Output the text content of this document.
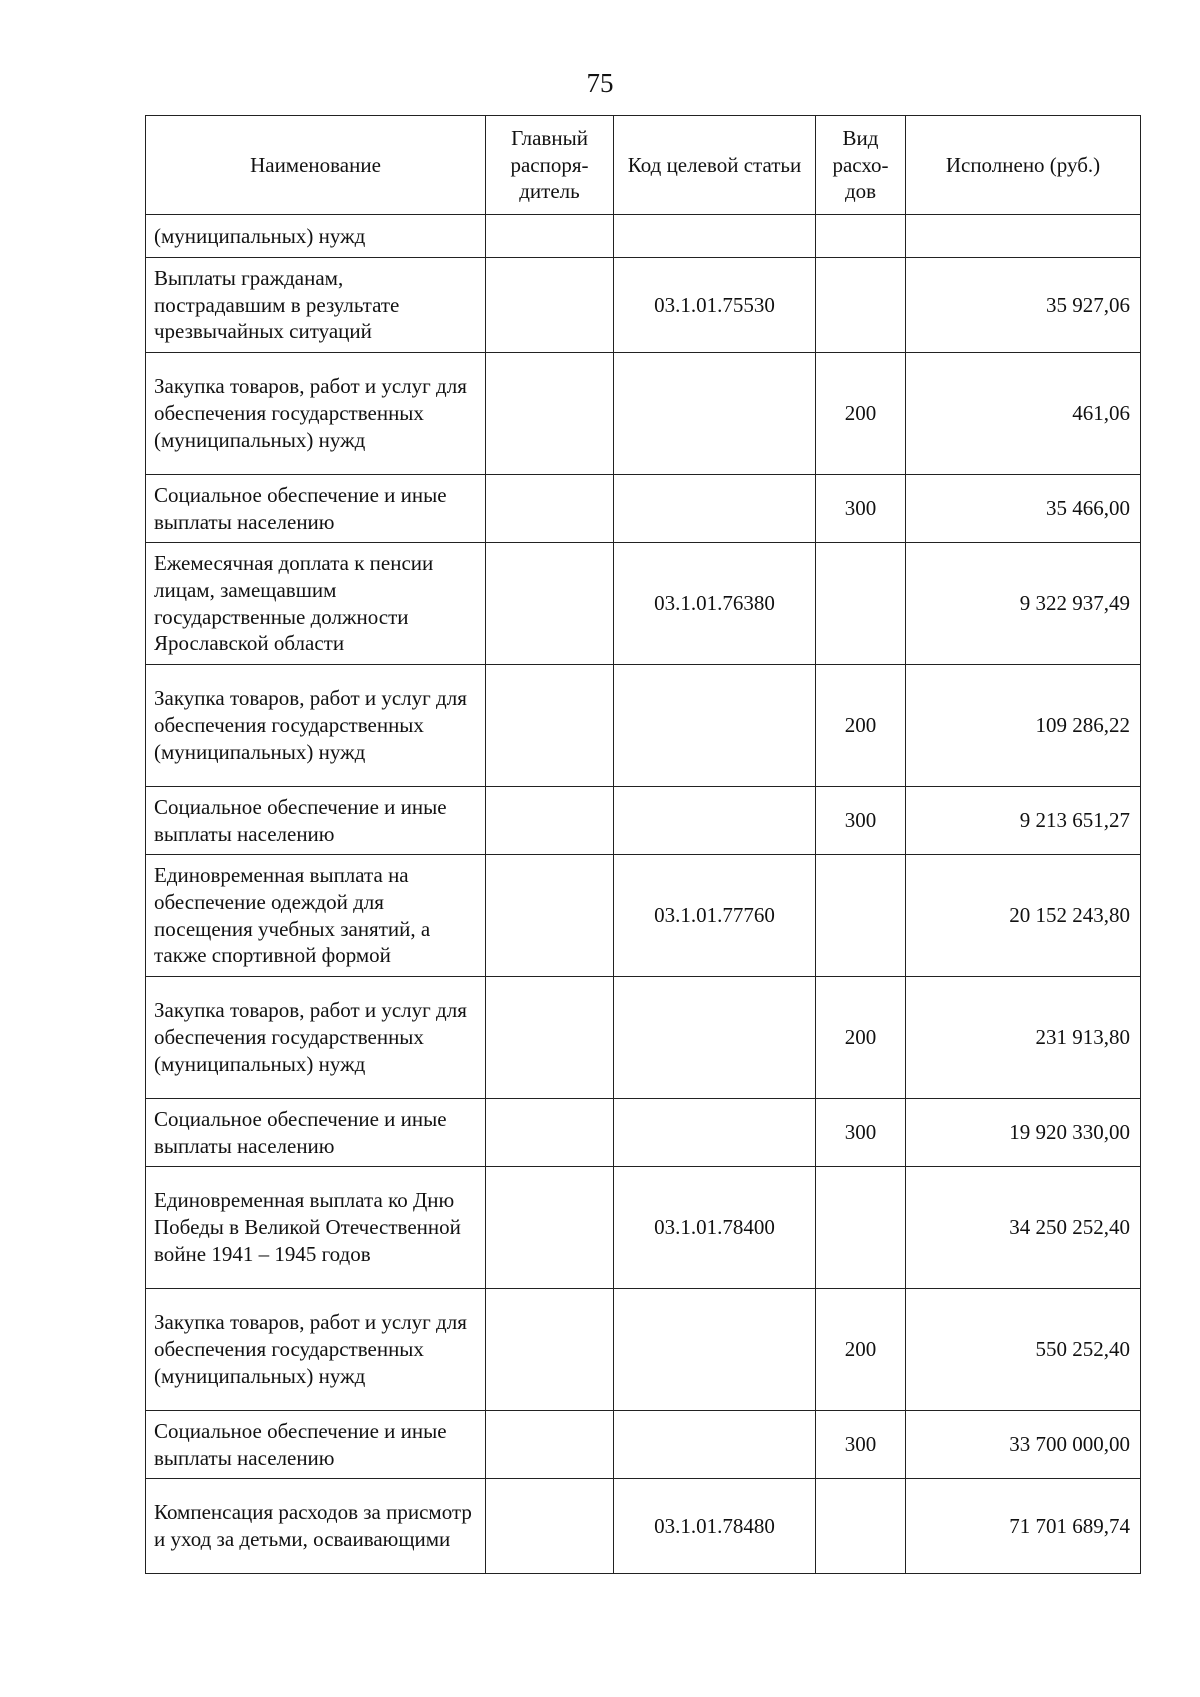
75
Наименование	Главный распоря-дитель	Код целевой статьи	Вид расхо-дов	Исполнено (руб.)
(муниципальных) нужд				
Выплаты гражданам, пострадавшим в результате чрезвычайных ситуаций		03.1.01.75530		35 927,06
Закупка товаров, работ и услуг для обеспечения государственных (муниципальных) нужд			200	461,06
Социальное обеспечение и иные выплаты населению			300	35 466,00
Ежемесячная доплата к пенсии лицам, замещавшим государственные должности Ярославской области		03.1.01.76380		9 322 937,49
Закупка товаров, работ и услуг для обеспечения государственных (муниципальных) нужд			200	109 286,22
Социальное обеспечение и иные выплаты населению			300	9 213 651,27
Единовременная выплата на обеспечение одеждой для посещения учебных занятий, а также спортивной формой		03.1.01.77760		20 152 243,80
Закупка товаров, работ и услуг для обеспечения государственных (муниципальных) нужд			200	231 913,80
Социальное обеспечение и иные выплаты населению			300	19 920 330,00
Единовременная выплата ко Дню Победы в Великой Отечественной войне 1941 – 1945 годов		03.1.01.78400		34 250 252,40
Закупка товаров, работ и услуг для обеспечения государственных (муниципальных) нужд			200	550 252,40
Социальное обеспечение и иные выплаты населению			300	33 700 000,00
Компенсация расходов за присмотр и уход за детьми, осваивающими		03.1.01.78480		71 701 689,74
